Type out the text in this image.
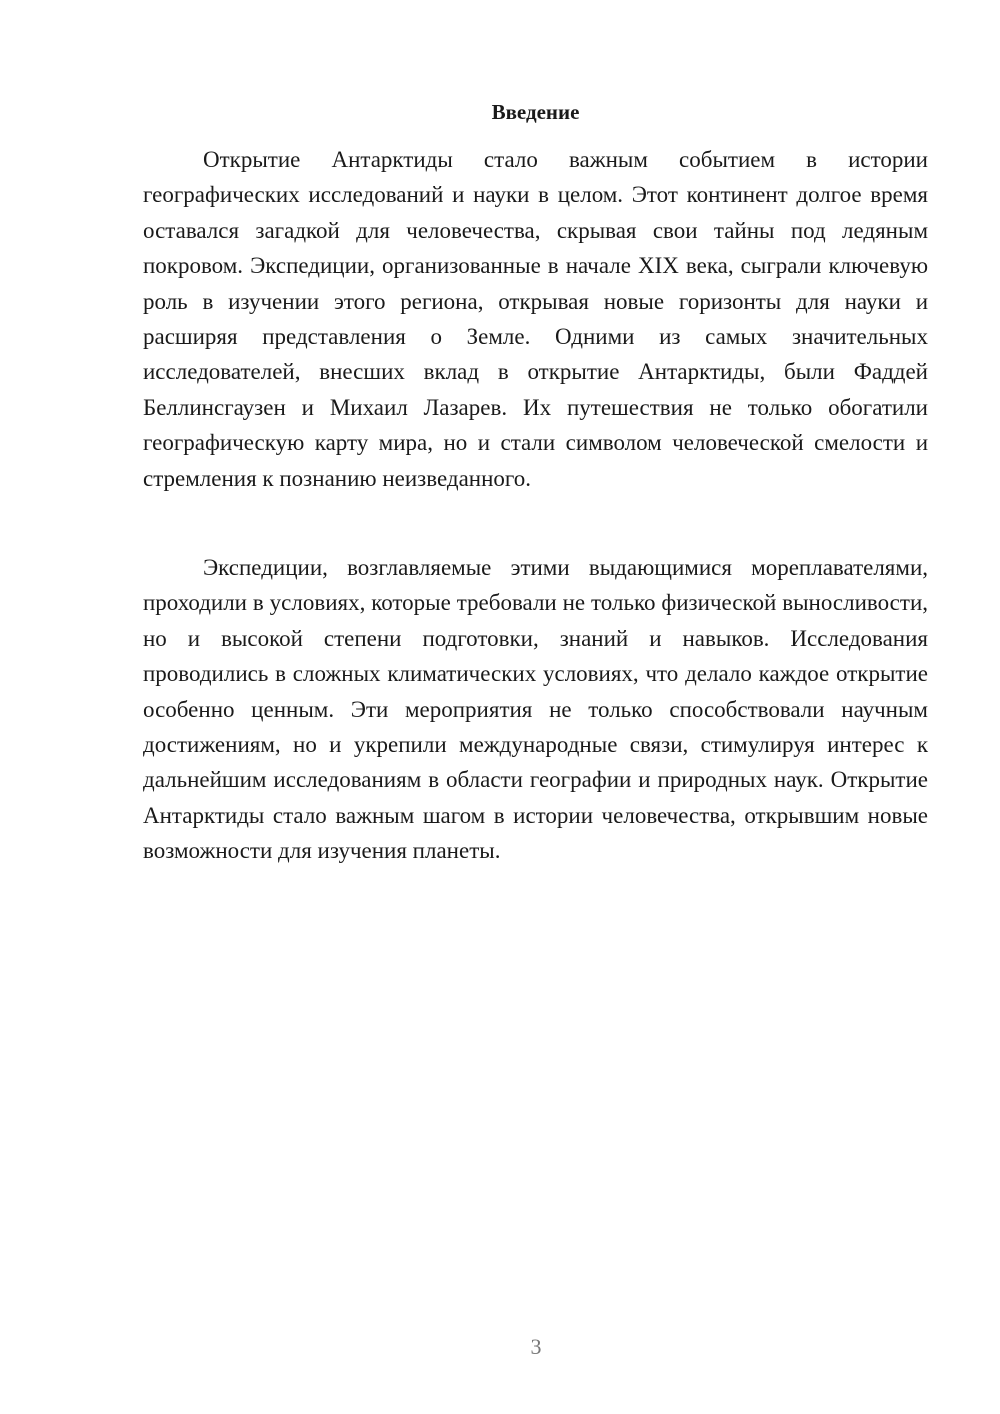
Введение

Открытие Антарктиды стало важным событием в истории географических исследований и науки в целом. Этот континент долгое время оставался загадкой для человечества, скрывая свои тайны под ледяным покровом. Экспедиции, организованные в начале XIX века, сыграли ключевую роль в изучении этого региона, открывая новые горизонты для науки и расширяя представления о Земле. Одними из самых значительных исследователей, внесших вклад в открытие Антарктиды, были Фаддей Беллинсгаузен и Михаил Лазарев. Их путешествия не только обогатили географическую карту мира, но и стали символом человеческой смелости и стремления к познанию неизведанного.

Экспедиции, возглавляемые этими выдающимися мореплавателями, проходили в условиях, которые требовали не только физической выносливости, но и высокой степени подготовки, знаний и навыков. Исследования проводились в сложных климатических условиях, что делало каждое открытие особенно ценным. Эти мероприятия не только способствовали научным достижениям, но и укрепили международные связи, стимулируя интерес к дальнейшим исследованиям в области географии и природных наук. Открытие Антарктиды стало важным шагом в истории человечества, открывшим новые возможности для изучения планеты.

3
